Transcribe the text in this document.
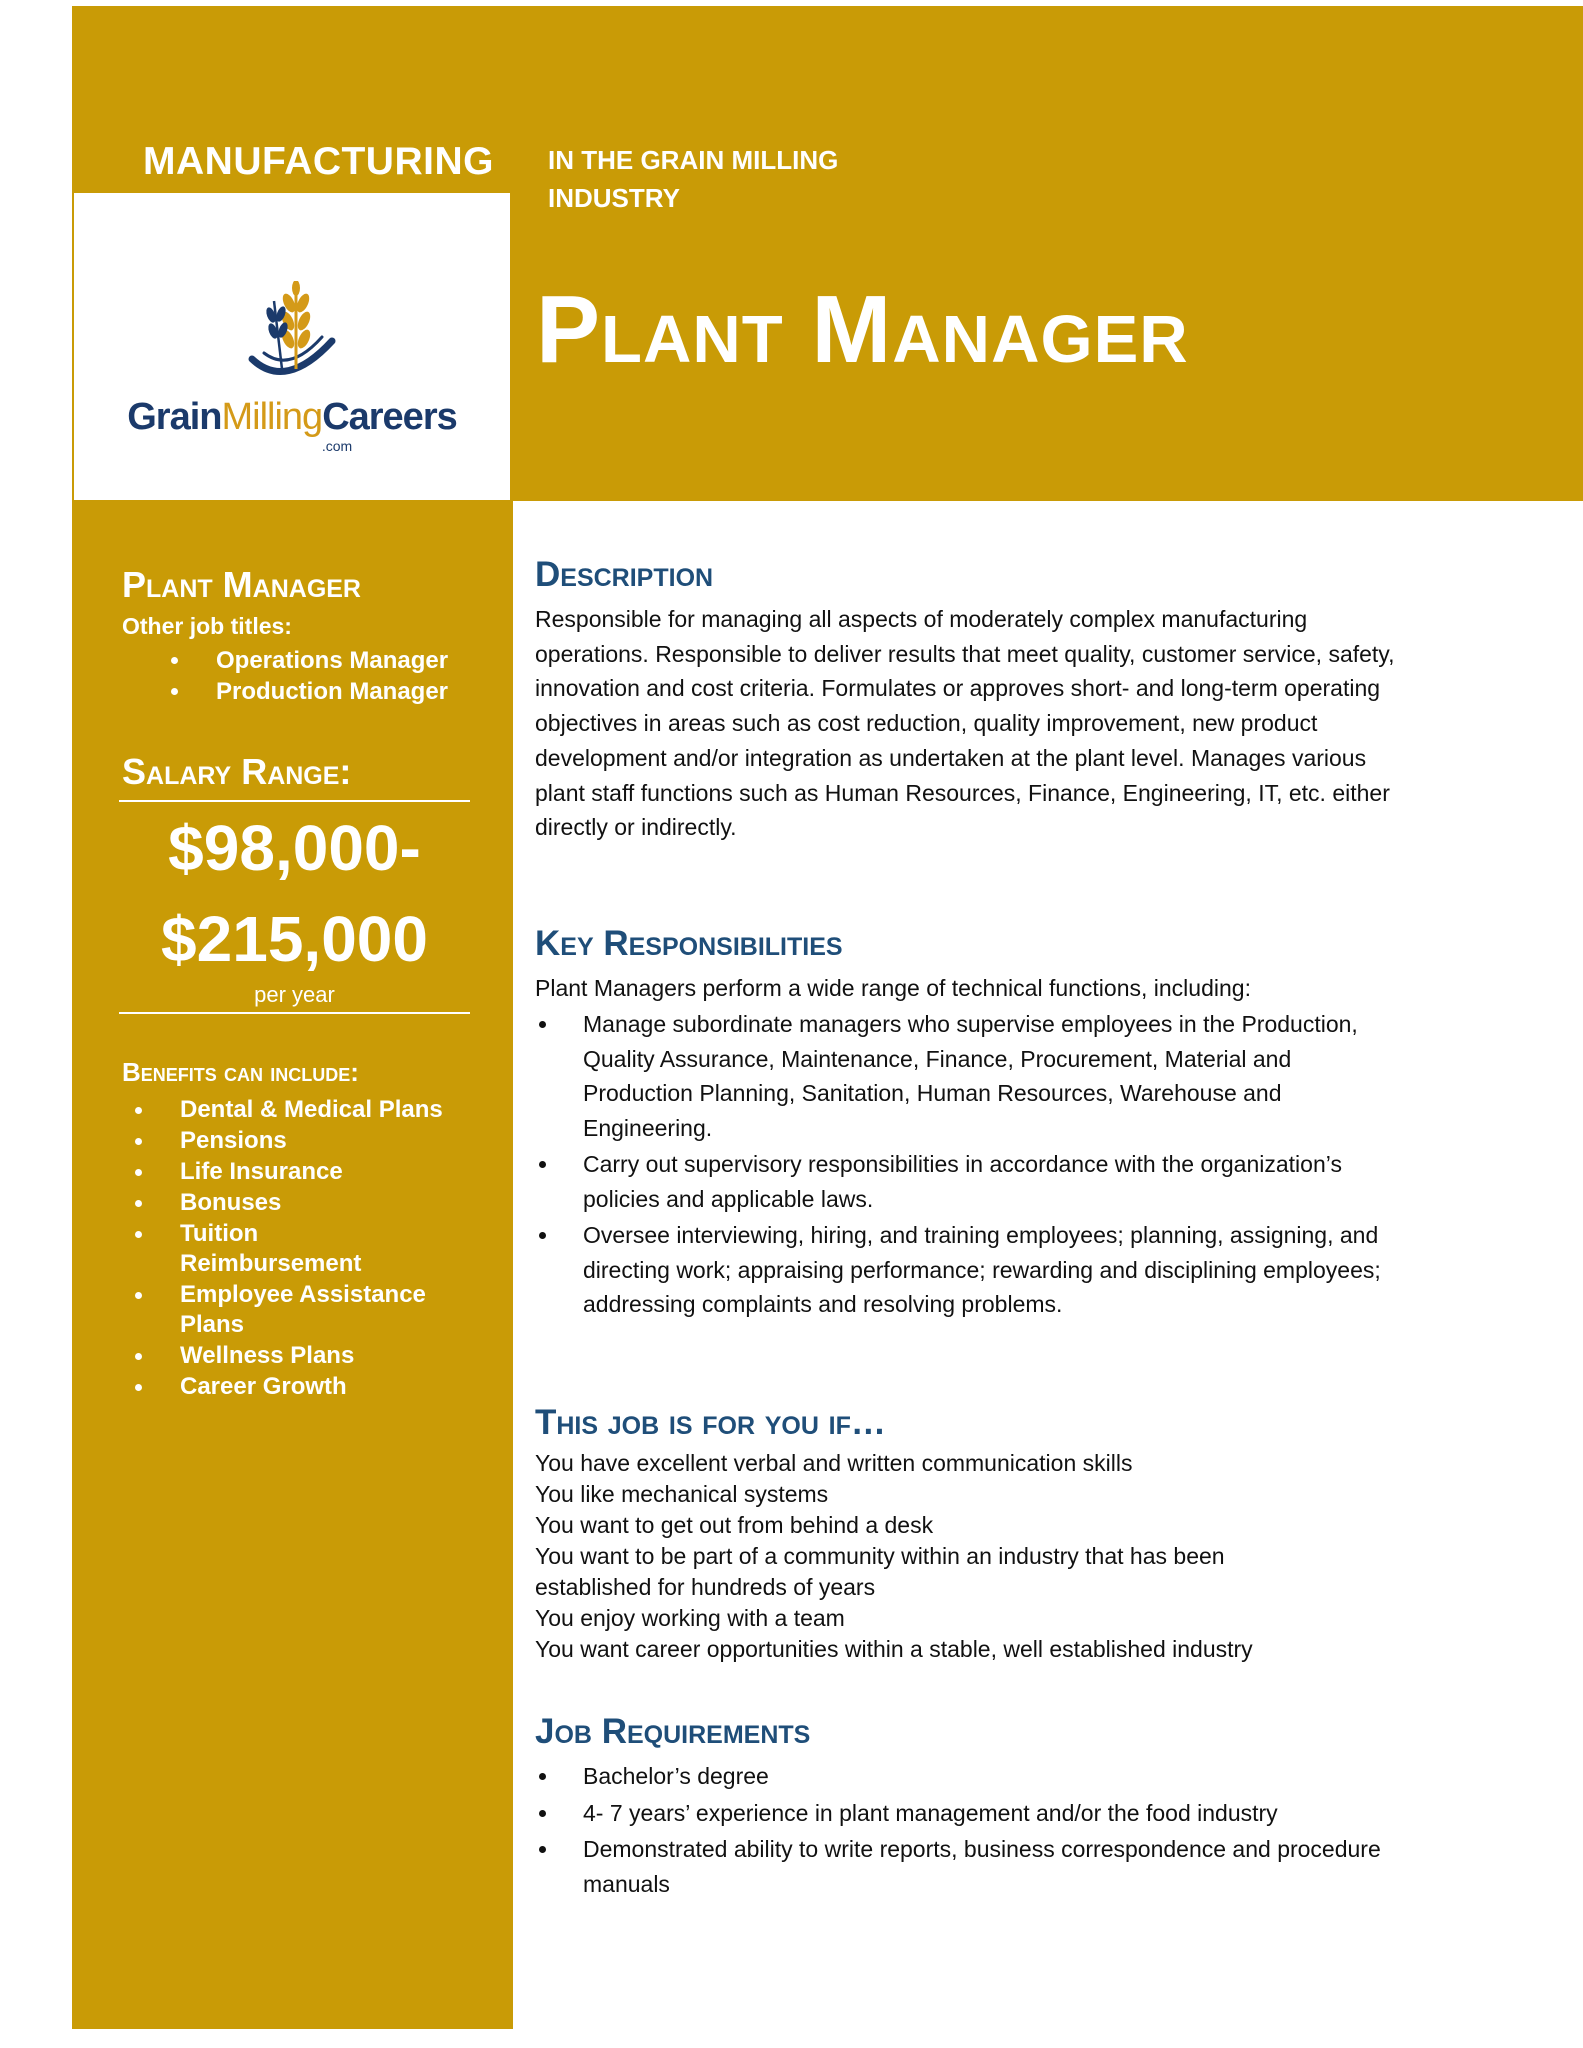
MANUFACTURING IN THE GRAIN MILLING INDUSTRY

GrainMillingCareers
.com
Plant Manager
Plant Manager
Other job titles:
Operations Manager
Production Manager
Salary Range:
$98,000-
$215,000
per year
Benefits can include:
Dental & Medical Plans
Pensions
Life Insurance
Bonuses
Tuition Reimbursement
Employee Assistance Plans
Wellness Plans
Career Growth
Description

Responsible for managing all aspects of moderately complex manufacturing operations. Responsible to deliver results that meet quality, customer service, safety, innovation and cost criteria. Formulates or approves short- and long-term operating objectives in areas such as cost reduction, quality improvement, new product development and/or integration as undertaken at the plant level. Manages various plant staff functions such as Human Resources, Finance, Engineering, IT, etc. either directly or indirectly.

Key Responsibilities

Plant Managers perform a wide range of technical functions, including:

Manage subordinate managers who supervise employees in the Production, Quality Assurance, Maintenance, Finance, Procurement, Material and Production Planning, Sanitation, Human Resources, Warehouse and Engineering.
Carry out supervisory responsibilities in accordance with the organization’s policies and applicable laws.
Oversee interviewing, hiring, and training employees; planning, assigning, and directing work; appraising performance; rewarding and disciplining employees; addressing complaints and resolving problems.
This job is for you if…
You have excellent verbal and written communication skills
You like mechanical systems
You want to get out from behind a desk
You want to be part of a community within an industry that has been established for hundreds of years
You enjoy working with a team
You want career opportunities within a stable, well established industry
Job Requirements
Bachelor’s degree
4- 7 years’ experience in plant management and/or the food industry
Demonstrated ability to write reports, business correspondence and procedure manuals
